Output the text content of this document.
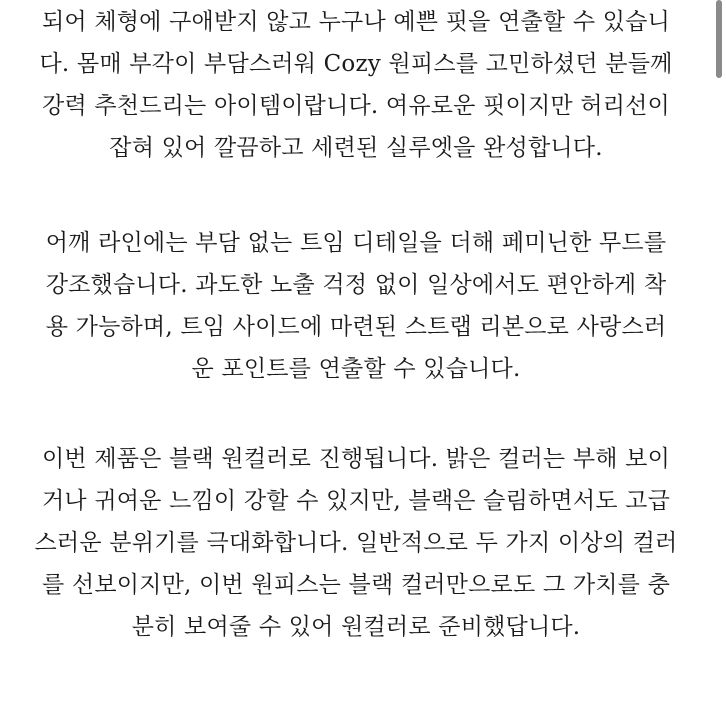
되어 체형에 구애받지 않고 누구나 예쁜 핏을 연출할 수 있습니
다. 몸매 부각이 부담스러워 Cozy 원피스를 고민하셨던 분들께
강력 추천드리는 아이템이랍니다. 여유로운 핏이지만 허리선이
잡혀 있어 깔끔하고 세련된 실루엣을 완성합니다.
어깨 라인에는 부담 없는 트임 디테일을 더해 페미닌한 무드를
강조했습니다. 과도한 노출 걱정 없이 일상에서도 편안하게 착
용 가능하며, 트임 사이드에 마련된 스트랩 리본으로 사랑스러
운 포인트를 연출할 수 있습니다.
이번 제품은 블랙 원컬러로 진행됩니다. 밝은 컬러는 부해 보이
거나 귀여운 느낌이 강할 수 있지만, 블랙은 슬림하면서도 고급
스러운 분위기를 극대화합니다. 일반적으로 두 가지 이상의 컬러
를 선보이지만, 이번 원피스는 블랙 컬러만으로도 그 가치를 충
분히 보여줄 수 있어 원컬러로 준비했답니다.
